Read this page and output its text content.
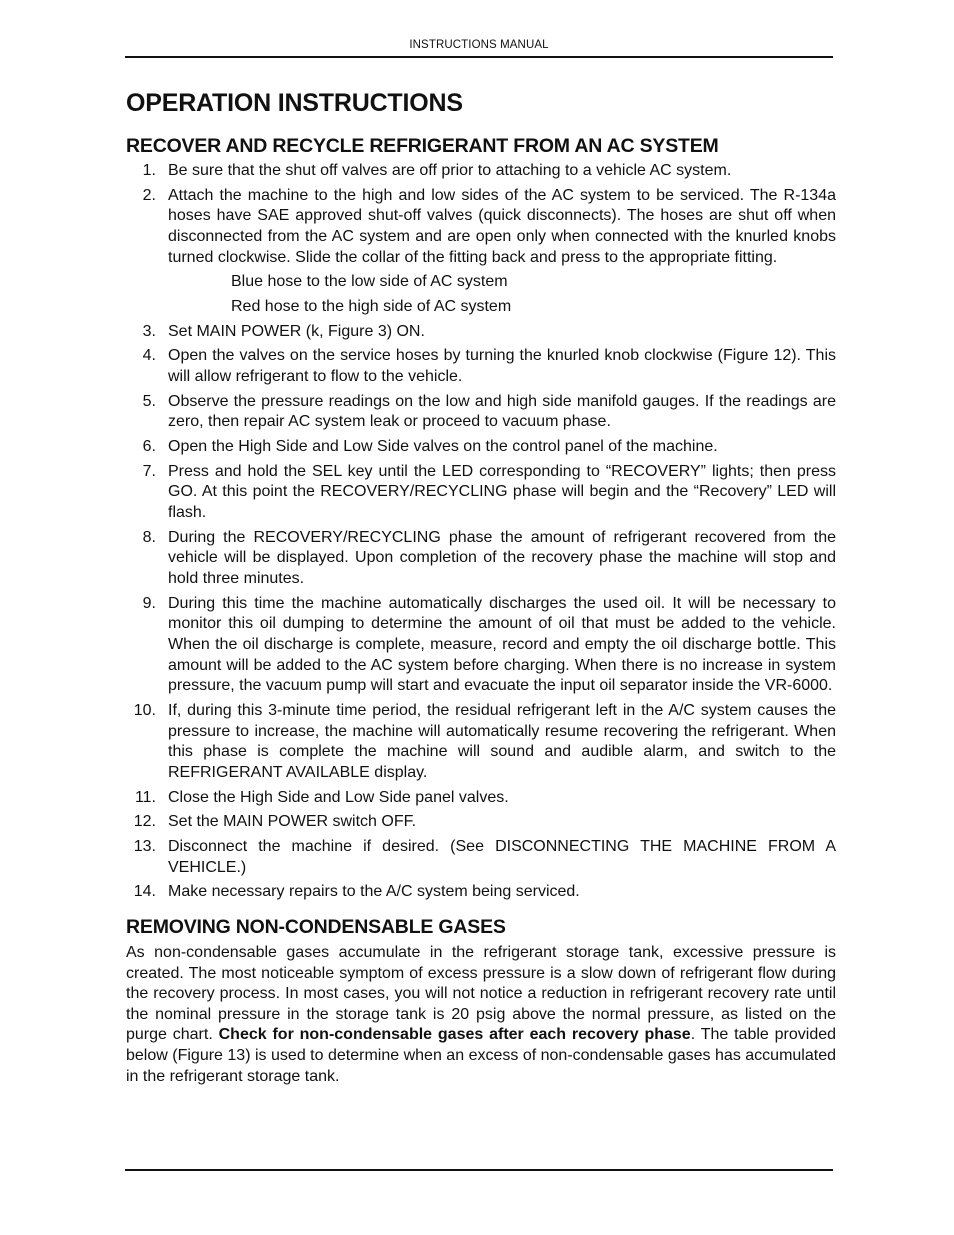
INSTRUCTIONS MANUAL
OPERATION INSTRUCTIONS
RECOVER AND RECYCLE REFRIGERANT FROM AN AC SYSTEM
1. Be sure that the shut off valves are off prior to attaching to a vehicle AC system.
2. Attach the machine to the high and low sides of the AC system to be serviced. The R-134a hoses have SAE approved shut-off valves (quick disconnects). The hoses are shut off when disconnected from the AC system and are open only when connected with the knurled knobs turned clockwise. Slide the collar of the fitting back and press to the appropriate fitting.
Blue hose to the low side of AC system
Red hose to the high side of AC system
3. Set MAIN POWER (k, Figure 3) ON.
4. Open the valves on the service hoses by turning the knurled knob clockwise (Figure 12). This will allow refrigerant to flow to the vehicle.
5. Observe the pressure readings on the low and high side manifold gauges. If the readings are zero, then repair AC system leak or proceed to vacuum phase.
6. Open the High Side and Low Side valves on the control panel of the machine.
7. Press and hold the SEL key until the LED corresponding to “RECOVERY” lights; then press GO. At this point the RECOVERY/RECYCLING phase will begin and the “Recovery” LED will flash.
8. During the RECOVERY/RECYCLING phase the amount of refrigerant recovered from the vehicle will be displayed. Upon completion of the recovery phase the machine will stop and hold three minutes.
9. During this time the machine automatically discharges the used oil. It will be necessary to monitor this oil dumping to determine the amount of oil that must be added to the vehicle. When the oil discharge is complete, measure, record and empty the oil discharge bottle. This amount will be added to the AC system before charging. When there is no increase in system pressure, the vacuum pump will start and evacuate the input oil separator inside the VR-6000.
10. If, during this 3-minute time period, the residual refrigerant left in the A/C system causes the pressure to increase, the machine will automatically resume recovering the refrigerant. When this phase is complete the machine will sound and audible alarm, and switch to the REFRIGERANT AVAILABLE display.
11. Close the High Side and Low Side panel valves.
12. Set the MAIN POWER switch OFF.
13. Disconnect the machine if desired. (See DISCONNECTING THE MACHINE FROM A VEHICLE.)
14. Make necessary repairs to the A/C system being serviced.
REMOVING NON-CONDENSABLE GASES

As non-condensable gases accumulate in the refrigerant storage tank, excessive pressure is created. The most noticeable symptom of excess pressure is a slow down of refrigerant flow during the recovery process. In most cases, you will not notice a reduction in refrigerant recovery rate until the nominal pressure in the storage tank is 20 psig above the normal pressure, as listed on the purge chart. Check for non-condensable gases after each recovery phase. The table provided below (Figure 13) is used to determine when an excess of non-condensable gases has accumulated in the refrigerant storage tank.
